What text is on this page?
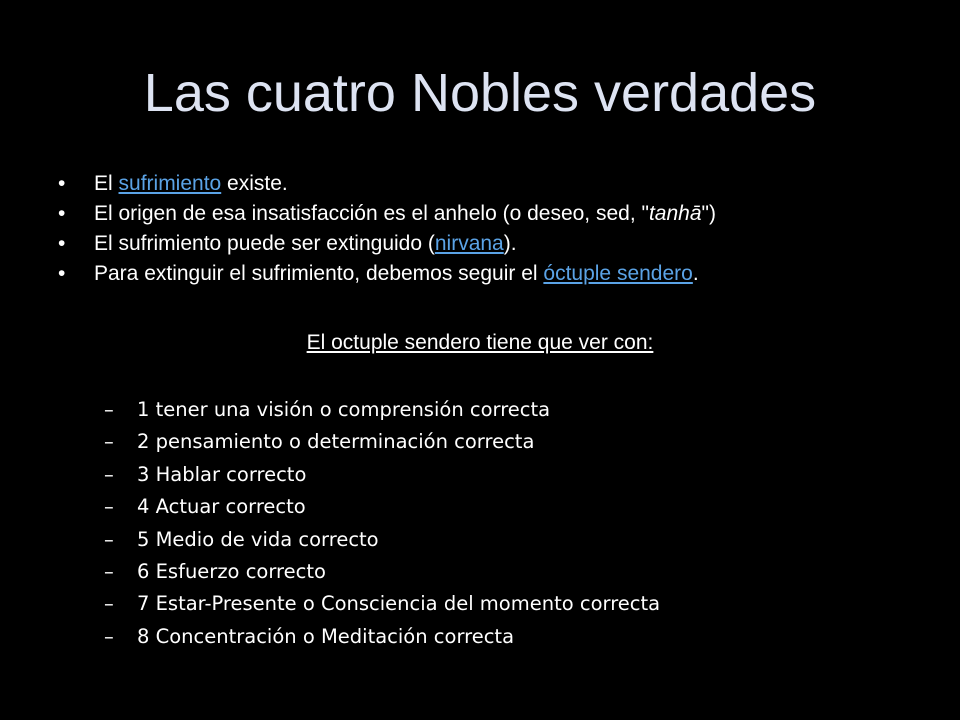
Las cuatro Nobles verdades
•	El sufrimiento existe.
•	El origen de esa insatisfacción es el anhelo (o deseo, sed, "tanhā")
•	El sufrimiento puede ser extinguido (nirvana).
•	Para extinguir el sufrimiento, debemos seguir el óctuple sendero.

El octuple sendero tiene que ver con:

– 1 tener una visión o comprensión correcta
– 2 pensamiento o determinación correcta
– 3 Hablar correcto
– 4 Actuar correcto
– 5 Medio de vida correcto
– 6 Esfuerzo correcto
– 7 Estar-Presente o Consciencia del momento correcta
– 8 Concentración o Meditación correcta
